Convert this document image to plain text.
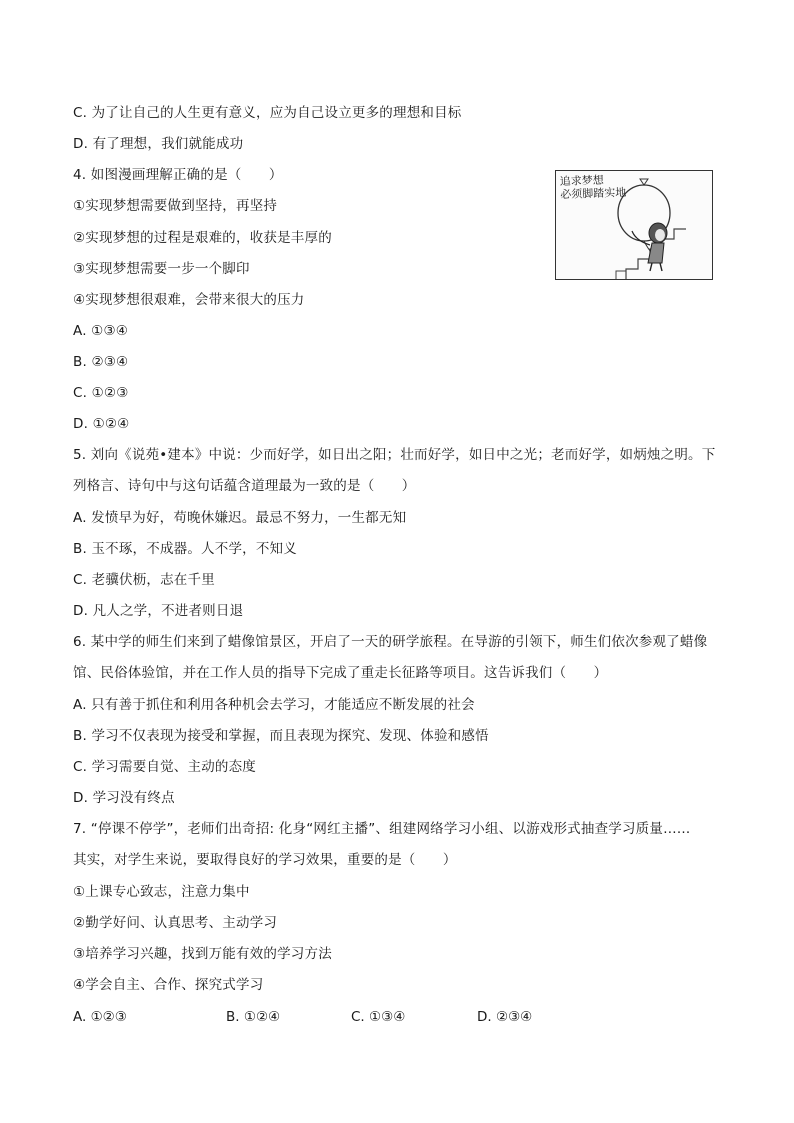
C. 为了让自己的人生更有意义，应为自己设立更多的理想和目标
D. 有了理想，我们就能成功
4. 如图漫画理解正确的是（　　）
①实现梦想需要做到坚持，再坚持
②实现梦想的过程是艰难的，收获是丰厚的
③实现梦想需要一步一个脚印
④实现梦想很艰难，会带来很大的压力
A. ①③④
B. ②③④
C. ①②③
D. ①②④
追求梦想
必须脚踏实地
5. 刘向《说苑•建本》中说：少而好学，如日出之阳；壮而好学，如日中之光；老而好学，如炳烛之明。下
列格言、诗句中与这句话蕴含道理最为一致的是（　　）
A. 发愤早为好，苟晚休嫌迟。最忌不努力，一生都无知
B. 玉不琢，不成器。人不学，不知义
C. 老骥伏枥，志在千里
D. 凡人之学，不进者则日退
6. 某中学的师生们来到了蜡像馆景区，开启了一天的研学旅程。在导游的引领下，师生们依次参观了蜡像
馆、民俗体验馆，并在工作人员的指导下完成了重走长征路等项目。这告诉我们（　　）
A. 只有善于抓住和利用各种机会去学习，才能适应不断发展的社会
B. 学习不仅表现为接受和掌握，而且表现为探究、发现、体验和感悟
C. 学习需要自觉、主动的态度
D. 学习没有终点
7. “停课不停学”，老师们出奇招: 化身“网红主播”、组建网络学习小组、以游戏形式抽查学习质量……
其实，对学生来说，要取得良好的学习效果，重要的是（　　）
①上课专心致志，注意力集中
②勤学好问、认真思考、主动学习
③培养学习兴趣，找到万能有效的学习方法
④学会自主、合作、探究式学习
A. ①②③	B. ①②④	C. ①③④	D. ②③④
